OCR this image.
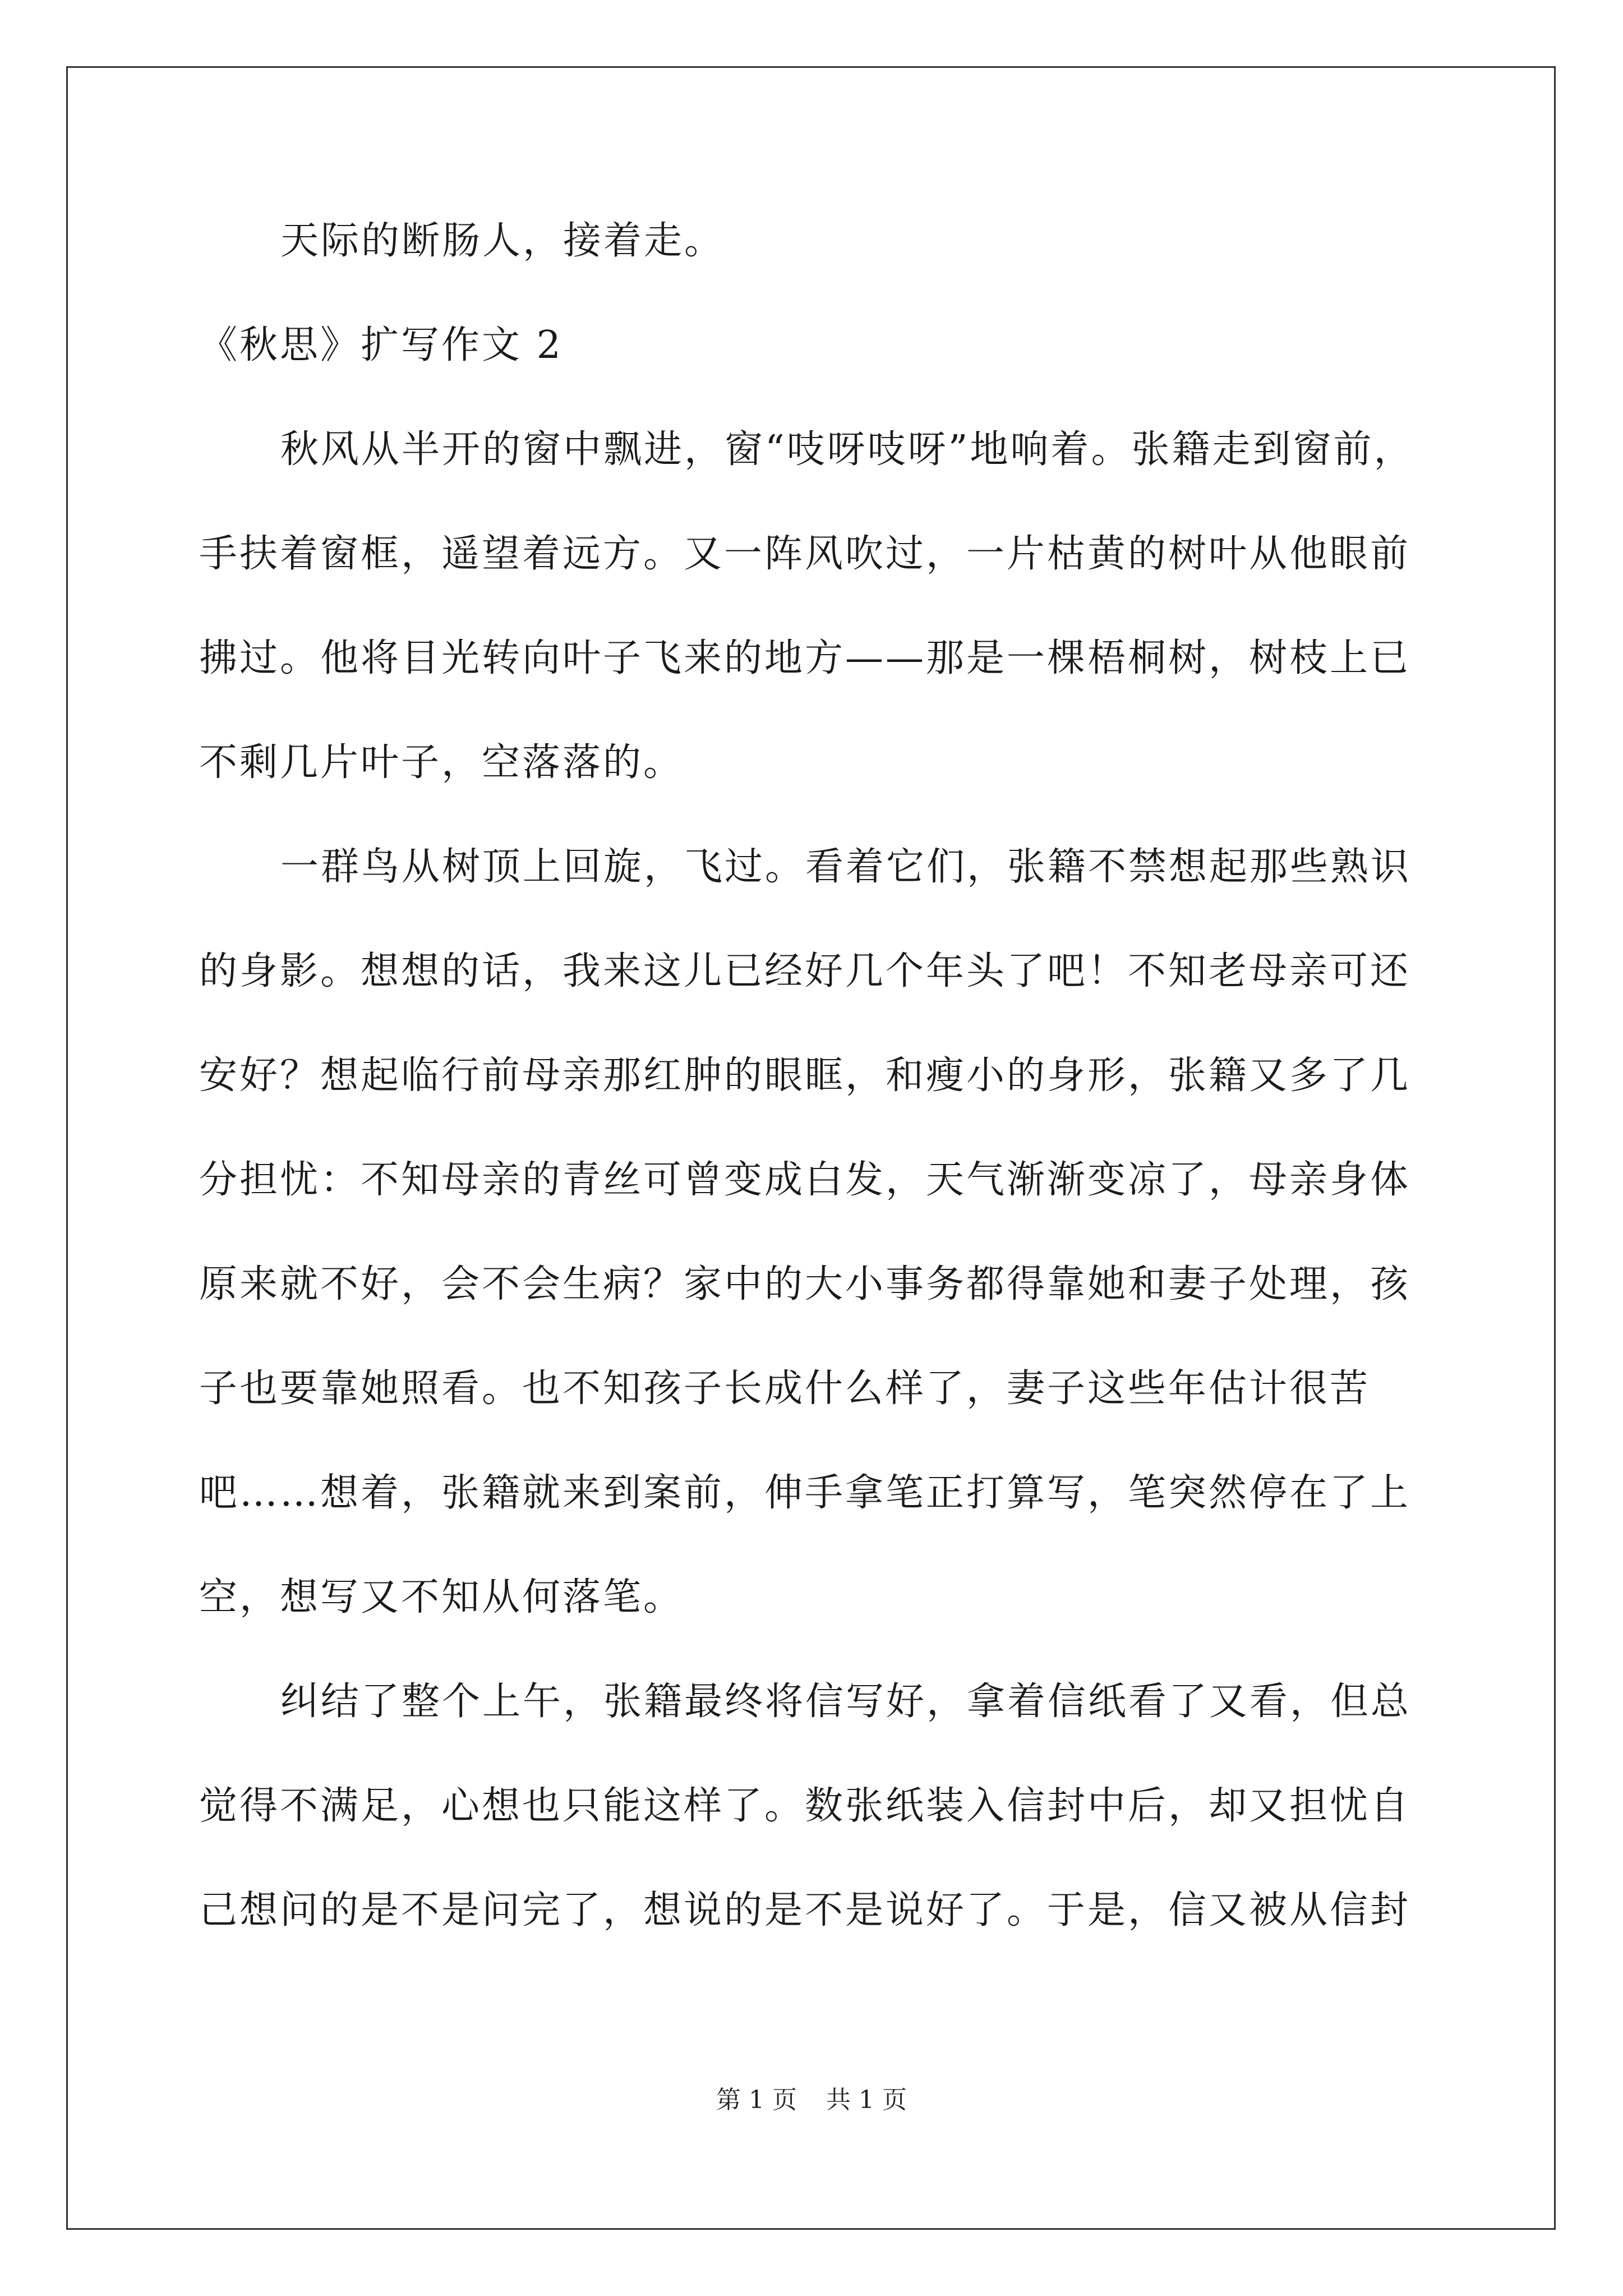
天际的断肠人，接着走。
《秋思》扩写作文 2
秋风从半开的窗中飘进，窗“吱呀吱呀”地响着。张籍走到窗前，
手扶着窗框，遥望着远方。又一阵风吹过，一片枯黄的树叶从他眼前
拂过。他将目光转向叶子飞来的地方——那是一棵梧桐树，树枝上已
不剩几片叶子，空落落的。
一群鸟从树顶上回旋，飞过。看着它们，张籍不禁想起那些熟识
的身影。想想的话，我来这儿已经好几个年头了吧！不知老母亲可还
安好？想起临行前母亲那红肿的眼眶，和瘦小的身形，张籍又多了几
分担忧：不知母亲的青丝可曾变成白发，天气渐渐变凉了，母亲身体
原来就不好，会不会生病？家中的大小事务都得靠她和妻子处理，孩
子也要靠她照看。也不知孩子长成什么样了，妻子这些年估计很苦
吧……想着，张籍就来到案前，伸手拿笔正打算写，笔突然停在了上
空，想写又不知从何落笔。
纠结了整个上午，张籍最终将信写好，拿着信纸看了又看，但总
觉得不满足，心想也只能这样了。数张纸装入信封中后，却又担忧自
己想问的是不是问完了，想说的是不是说好了。于是，信又被从信封
第 1 页 共 1 页
